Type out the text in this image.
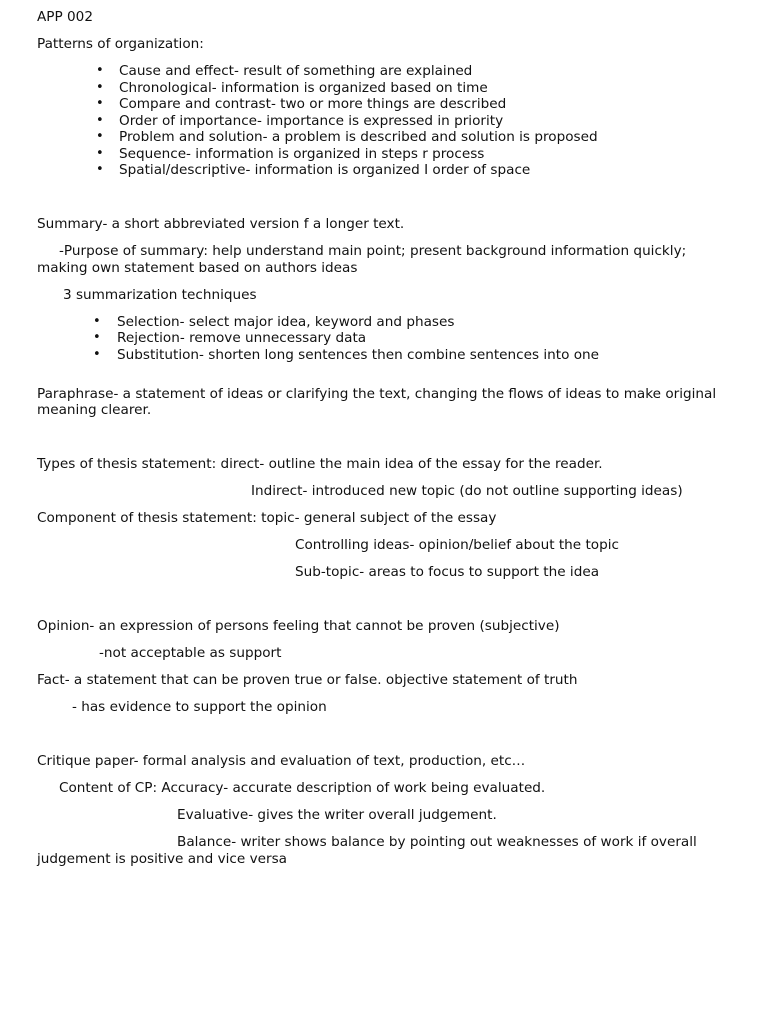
APP 002

Patterns of organization:

• Cause and effect- result of something are explained
• Chronological- information is organized based on time
• Compare and contrast- two or more things are described
• Order of importance- importance is expressed in priority
• Problem and solution- a problem is described and solution is proposed
• Sequence- information is organized in steps r process
• Spatial/descriptive- information is organized I order of space

Summary- a short abbreviated version f a longer text.

-Purpose of summary: help understand main point; present background information quickly; making own statement based on authors ideas

3 summarization techniques

• Selection- select major idea, keyword and phases
• Rejection- remove unnecessary data
• Substitution- shorten long sentences then combine sentences into one

Paraphrase- a statement of ideas or clarifying the text, changing the flows of ideas to make original meaning clearer.

Types of thesis statement: direct- outline the main idea of the essay for the reader.

Indirect- introduced new topic (do not outline supporting ideas)

Component of thesis statement: topic- general subject of the essay

Controlling ideas- opinion/belief about the topic

Sub-topic- areas to focus to support the idea

Opinion- an expression of persons feeling that cannot be proven (subjective)

-not acceptable as support

Fact- a statement that can be proven true or false. objective statement of truth

- has evidence to support the opinion

Critique paper- formal analysis and evaluation of text, production, etc…

Content of CP: Accuracy- accurate description of work being evaluated.

Evaluative- gives the writer overall judgement.

Balance- writer shows balance by pointing out weaknesses of work if overall judgement is positive and vice versa
